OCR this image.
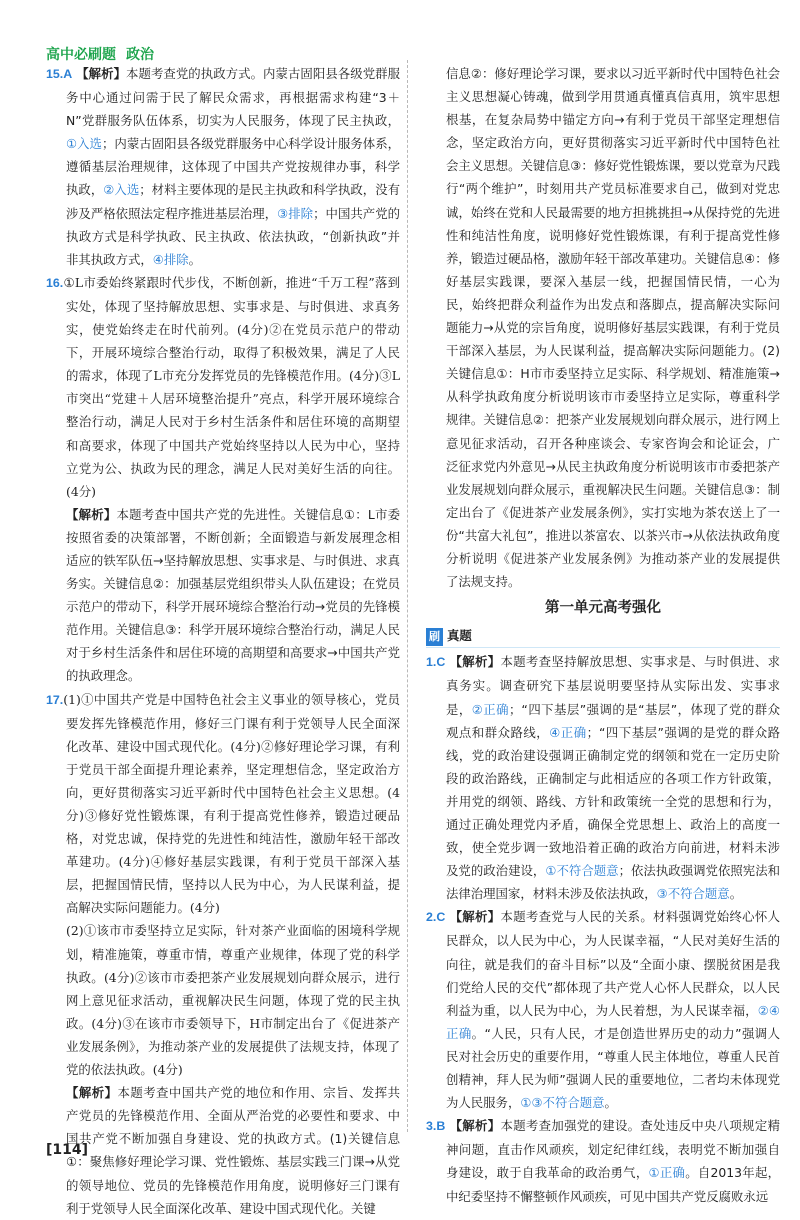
高中必刷题 政治

15.A 【解析】本题考查党的执政方式。内蒙古固阳县各级党群服务中心通过问需于民了解民众需求，再根据需求构建“3＋N”党群服务队伍体系，切实为人民服务，体现了民主执政，①入选；内蒙古固阳县各级党群服务中心科学设计服务体系，遵循基层治理规律，这体现了中国共产党按规律办事，科学执政，②入选；材料主要体现的是民主执政和科学执政，没有涉及严格依照法定程序推进基层治理，③排除；中国共产党的执政方式是科学执政、民主执政、依法执政，“创新执政”并非其执政方式，④排除。

16.①L市委始终紧跟时代步伐，不断创新，推进“千万工程”落到实处，体现了坚持解放思想、实事求是、与时俱进、求真务实，使党始终走在时代前列。(4分)②在党员示范户的带动下，开展环境综合整治行动，取得了积极效果，满足了人民的需求，体现了L市充分发挥党员的先锋模范作用。(4分)③L市突出“党建＋人居环境整治提升”亮点，科学开展环境综合整治行动，满足人民对于乡村生活条件和居住环境的高期望和高要求，体现了中国共产党始终坚持以人民为中心，坚持立党为公、执政为民的理念，满足人民对美好生活的向往。(4分)

【解析】本题考查中国共产党的先进性。关键信息①：L市委按照省委的决策部署，不断创新；全面锻造与新发展理念相适应的铁军队伍→坚持解放思想、实事求是、与时俱进、求真务实。关键信息②：加强基层党组织带头人队伍建设；在党员示范户的带动下，科学开展环境综合整治行动→党员的先锋模范作用。关键信息③：科学开展环境综合整治行动，满足人民对于乡村生活条件和居住环境的高期望和高要求→中国共产党的执政理念。

17.(1)①中国共产党是中国特色社会主义事业的领导核心，党员要发挥先锋模范作用，修好三门课有利于党领导人民全面深化改革、建设中国式现代化。(4分)②修好理论学习课，有利于党员干部全面提升理论素养，坚定理想信念，坚定政治方向，更好贯彻落实习近平新时代中国特色社会主义思想。(4分)③修好党性锻炼课，有利于提高党性修养，锻造过硬品格，对党忠诚，保持党的先进性和纯洁性，激励年轻干部改革建功。(4分)④修好基层实践课，有利于党员干部深入基层，把握国情民情，坚持以人民为中心，为人民谋利益，提高解决实际问题能力。(4分)

(2)①该市市委坚持立足实际，针对茶产业面临的困境科学规划，精准施策，尊重市情，尊重产业规律，体现了党的科学执政。(4分)②该市市委把茶产业发展规划向群众展示，进行网上意见征求活动，重视解决民生问题，体现了党的民主执政。(4分)③在该市市委领导下，H市制定出台了《促进茶产业发展条例》，为推动茶产业的发展提供了法规支持，体现了党的依法执政。(4分)

【解析】本题考查中国共产党的地位和作用、宗旨、发挥共产党员的先锋模范作用、全面从严治党的必要性和要求、中国共产党不断加强自身建设、党的执政方式。(1)关键信息①：聚焦修好理论学习课、党性锻炼、基层实践三门课→从党的领导地位、党员的先锋模范作用角度，说明修好三门课有利于党领导人民全面深化改革、建设中国式现代化。关键

信息②：修好理论学习课，要求以习近平新时代中国特色社会主义思想凝心铸魂，做到学用贯通真懂真信真用，筑牢思想根基，在复杂局势中锚定方向→有利于党员干部坚定理想信念，坚定政治方向，更好贯彻落实习近平新时代中国特色社会主义思想。关键信息③：修好党性锻炼课，要以党章为尺践行“两个维护”，时刻用共产党员标准要求自己，做到对党忠诚，始终在党和人民最需要的地方担挑挑担→从保持党的先进性和纯洁性角度，说明修好党性锻炼课，有利于提高党性修养，锻造过硬品格，激励年轻干部改革建功。关键信息④：修好基层实践课，要深入基层一线，把握国情民情，一心为民，始终把群众利益作为出发点和落脚点，提高解决实际问题能力→从党的宗旨角度，说明修好基层实践课，有利于党员干部深入基层，为人民谋利益，提高解决实际问题能力。(2)关键信息①：H市市委坚持立足实际、科学规划、精准施策→从科学执政角度分析说明该市市委坚持立足实际，尊重科学规律。关键信息②：把茶产业发展规划向群众展示，进行网上意见征求活动，召开各种座谈会、专家咨询会和论证会，广泛征求党内外意见→从民主执政角度分析说明该市市委把茶产业发展规划向群众展示，重视解决民生问题。关键信息③：制定出台了《促进茶产业发展条例》，实打实地为茶农送上了一份“共富大礼包”，推进以茶富农、以茶兴市→从依法执政角度分析说明《促进茶产业发展条例》为推动茶产业的发展提供了法规支持。

第一单元高考强化
刷 真题

1.C 【解析】本题考查坚持解放思想、实事求是、与时俱进、求真务实。调查研究下基层说明要坚持从实际出发、实事求是，②正确；“四下基层”强调的是“基层”，体现了党的群众观点和群众路线，④正确；“四下基层”强调的是党的群众路线，党的政治建设强调正确制定党的纲领和党在一定历史阶段的政治路线，正确制定与此相适应的各项工作方针政策，并用党的纲领、路线、方针和政策统一全党的思想和行为，通过正确处理党内矛盾，确保全党思想上、政治上的高度一致，使全党步调一致地沿着正确的政治方向前进，材料未涉及党的政治建设，①不符合题意；依法执政强调党依照宪法和法律治理国家，材料未涉及依法执政，③不符合题意。

2.C 【解析】本题考查党与人民的关系。材料强调党始终心怀人民群众，以人民为中心，为人民谋幸福，“人民对美好生活的向往，就是我们的奋斗目标”以及“全面小康、摆脱贫困是我们党给人民的交代”都体现了共产党人心怀人民群众，以人民利益为重，以人民为中心，为人民着想，为人民谋幸福，②④正确。“人民，只有人民，才是创造世界历史的动力”强调人民对社会历史的重要作用，“尊重人民主体地位，尊重人民首创精神，拜人民为师”强调人民的重要地位，二者均未体现党为人民服务，①③不符合题意。

3.B 【解析】本题考查加强党的建设。查处违反中央八项规定精神问题，直击作风顽疾，划定纪律红线，表明党不断加强自身建设，敢于自我革命的政治勇气，①正确。自2013年起，中纪委坚持不懈整顿作风顽疾，可见中国共产党反腐败永远

[114]
